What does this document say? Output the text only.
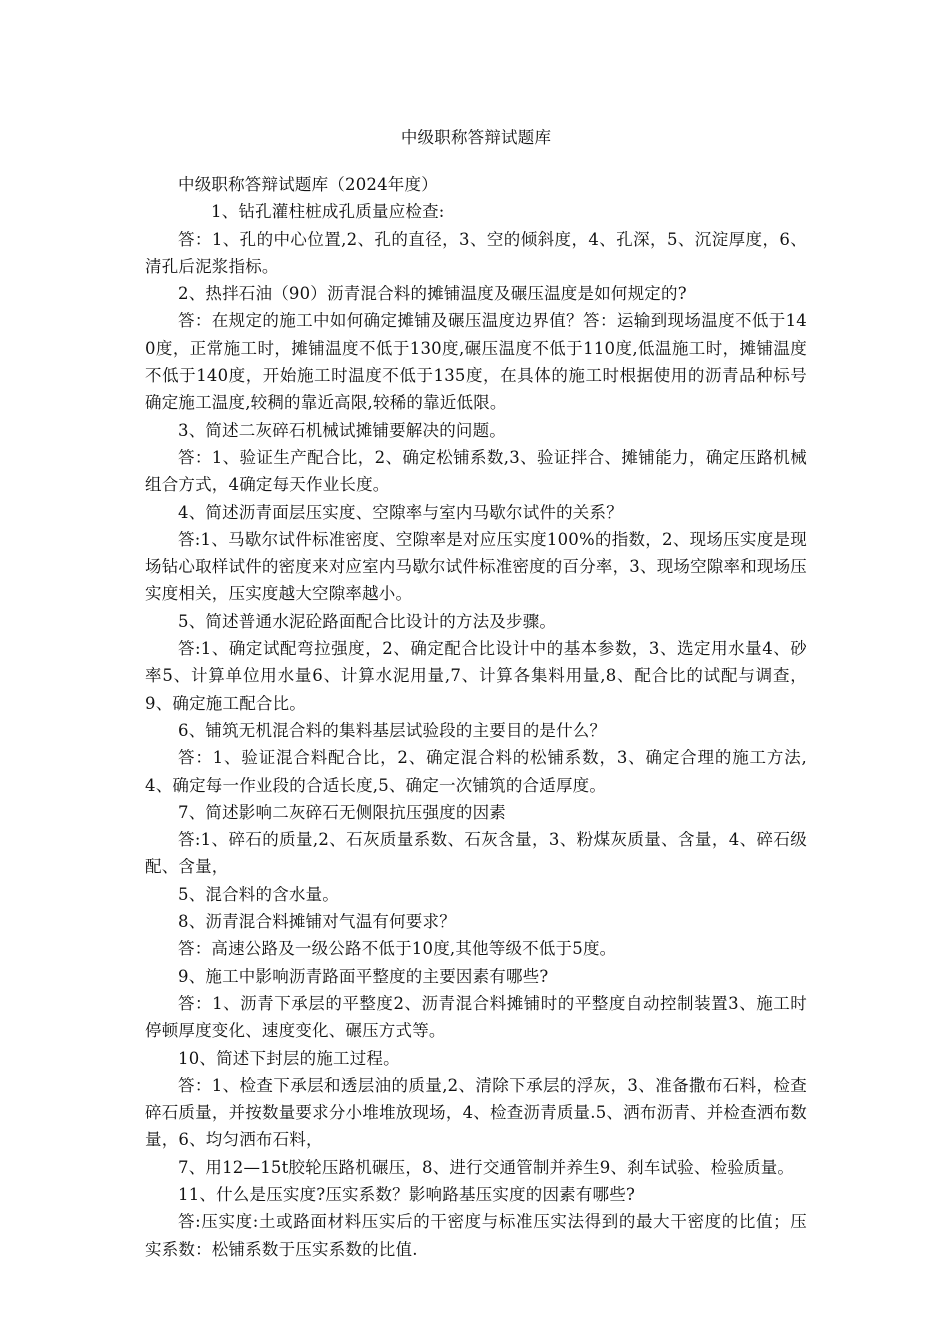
中级职称答辩试题库

中级职称答辩试题库（2024年度）

1、钻孔灌柱桩成孔质量应检查:

答：1、孔的中心位置,2、孔的直径，3、空的倾斜度，4、孔深，5、沉淀厚度，6、清孔后泥浆指标。

2、热拌石油（90）沥青混合料的摊铺温度及碾压温度是如何规定的?

答：在规定的施工中如何确定摊铺及碾压温度边界值？答：运输到现场温度不低于140度，正常施工时，摊铺温度不低于130度,碾压温度不低于110度,低温施工时，摊铺温度不低于140度，开始施工时温度不低于135度，在具体的施工时根据使用的沥青品种标号确定施工温度,较稠的靠近高限,较稀的靠近低限。

3、简述二灰碎石机械试摊铺要解决的问题。

答：1、验证生产配合比，2、确定松铺系数,3、验证拌合、摊铺能力，确定压路机械组合方式，4确定每天作业长度。

4、简述沥青面层压实度、空隙率与室内马歇尔试件的关系？

答:1、马歇尔试件标准密度、空隙率是对应压实度100%的指数，2、现场压实度是现场钻心取样试件的密度来对应室内马歇尔试件标准密度的百分率，3、现场空隙率和现场压实度相关，压实度越大空隙率越小。

5、简述普通水泥砼路面配合比设计的方法及步骤。

答:1、确定试配弯拉强度，2、确定配合比设计中的基本参数，3、选定用水量4、砂率5、计算单位用水量6、计算水泥用量,7、计算各集料用量,8、配合比的试配与调查，9、确定施工配合比。

6、铺筑无机混合料的集料基层试验段的主要目的是什么？

答：1、验证混合料配合比，2、确定混合料的松铺系数，3、确定合理的施工方法,4、确定每一作业段的合适长度,5、确定一次铺筑的合适厚度。

7、简述影响二灰碎石无侧限抗压强度的因素

答:1、碎石的质量,2、石灰质量系数、石灰含量，3、粉煤灰质量、含量，4、碎石级配、含量，

5、混合料的含水量。

8、沥青混合料摊铺对气温有何要求？

答：高速公路及一级公路不低于10度,其他等级不低于5度。

9、施工中影响沥青路面平整度的主要因素有哪些?

答：1、沥青下承层的平整度2、沥青混合料摊铺时的平整度自动控制装置3、施工时停顿厚度变化、速度变化、碾压方式等。

10、简述下封层的施工过程。

答：1、检查下承层和透层油的质量,2、清除下承层的浮灰，3、准备撒布石料，检查碎石质量，并按数量要求分小堆堆放现场，4、检查沥青质量.5、洒布沥青、并检查洒布数量，6、均匀洒布石料，

7、用12—15t胶轮压路机碾压，8、进行交通管制并养生9、刹车试验、检验质量。

11、什么是压实度?压实系数？影响路基压实度的因素有哪些?

答:压实度:土或路面材料压实后的干密度与标准压实法得到的最大干密度的比值；压实系数：松铺系数于压实系数的比值.
